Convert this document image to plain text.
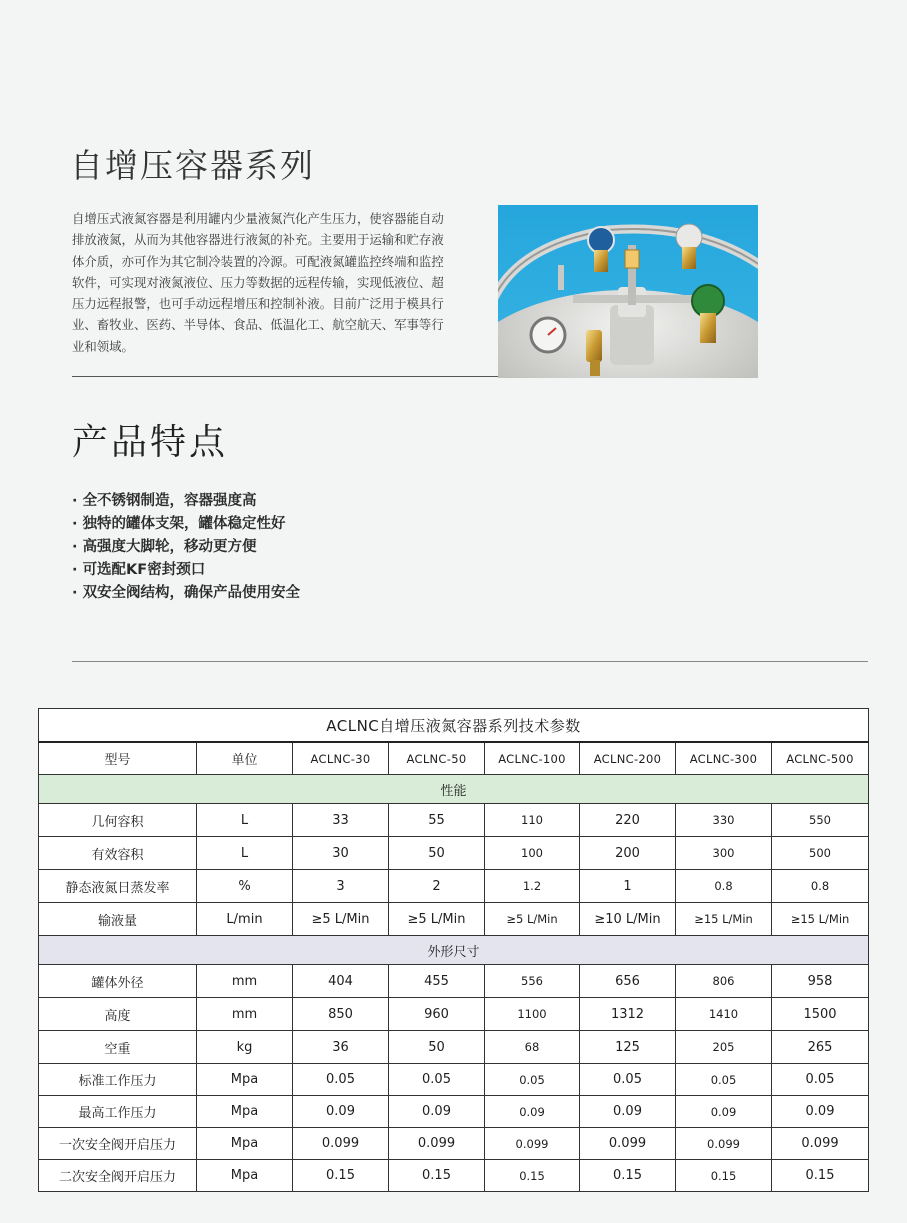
自增压容器系列
自增压式液氮容器是利用罐内少量液氮汽化产生压力，使容器能自动排放液氮，从而为其他容器进行液氮的补充。主要用于运输和贮存液体介质，亦可作为其它制冷装置的冷源。可配液氮罐监控终端和监控软件，可实现对液氮液位、压力等数据的远程传输，实现低液位、超压力远程报警，也可手动远程增压和控制补液。目前广泛用于模具行业、畜牧业、医药、半导体、食品、低温化工、航空航天、军事等行业和领域。
产品特点
· 全不锈钢制造，容器强度高
· 独特的罐体支架，罐体稳定性好
· 高强度大脚轮，移动更方便
· 可选配KF密封颈口
· 双安全阀结构，确保产品使用安全
ACLNC自增压液氮容器系列技术参数							
型号	单位	ACLNC-30	ACLNC-50	ACLNC-100	ACLNC-200	ACLNC-300	ACLNC-500
性能							
几何容积	L	33	55	110	220	330	550
有效容积	L	30	50	100	200	300	500
静态液氮日蒸发率	%	3	2	1.2	1	0.8	0.8
输液量	L/min	≥5 L/Min	≥5 L/Min	≥5 L/Min	≥10 L/Min	≥15 L/Min	≥15 L/Min
外形尺寸							
罐体外径	mm	404	455	556	656	806	958
高度	mm	850	960	1100	1312	1410	1500
空重	kg	36	50	68	125	205	265
标准工作压力	Mpa	0.05	0.05	0.05	0.05	0.05	0.05
最高工作压力	Mpa	0.09	0.09	0.09	0.09	0.09	0.09
一次安全阀开启压力	Mpa	0.099	0.099	0.099	0.099	0.099	0.099
二次安全阀开启压力	Mpa	0.15	0.15	0.15	0.15	0.15	0.15
